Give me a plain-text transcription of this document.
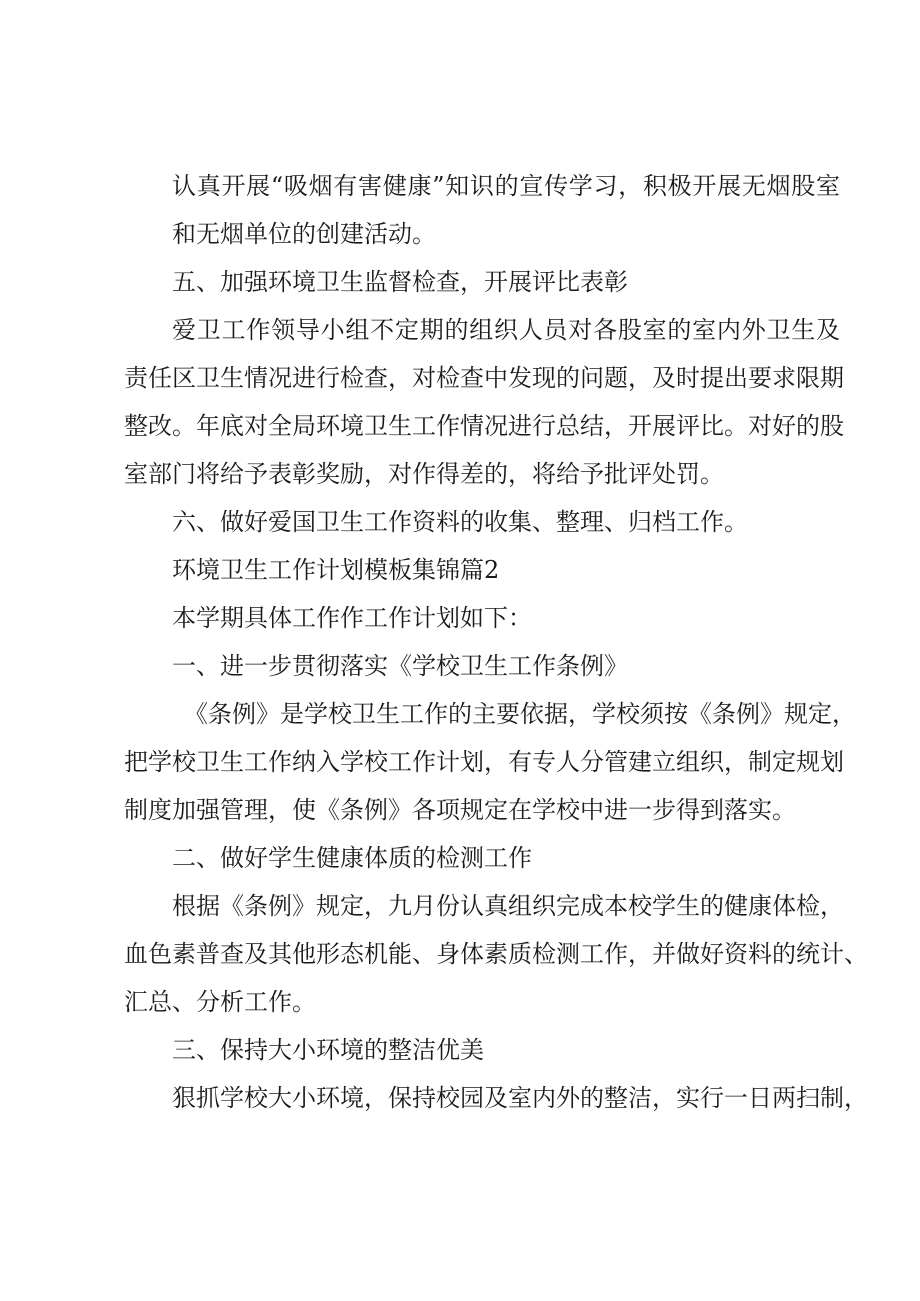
认真开展“吸烟有害健康”知识的宣传学习，积极开展无烟股室
和无烟单位的创建活动。
五、加强环境卫生监督检查，开展评比表彰
爱卫工作领导小组不定期的组织人员对各股室的室内外卫生及
责任区卫生情况进行检查，对检查中发现的问题，及时提出要求限期
整改。年底对全局环境卫生工作情况进行总结，开展评比。对好的股
室部门将给予表彰奖励，对作得差的，将给予批评处罚。
六、做好爱国卫生工作资料的收集、整理、归档工作。
环境卫生工作计划模板集锦篇2
本学期具体工作作工作计划如下：
一、进一步贯彻落实《学校卫生工作条例》
《条例》是学校卫生工作的主要依据，学校须按《条例》规定，
把学校卫生工作纳入学校工作计划，有专人分管建立组织，制定规划
制度加强管理，使《条例》各项规定在学校中进一步得到落实。
二、做好学生健康体质的检测工作
根据《条例》规定，九月份认真组织完成本校学生的健康体检，
血色素普查及其他形态机能、身体素质检测工作，并做好资料的统计、
汇总、分析工作。
三、保持大小环境的整洁优美
狠抓学校大小环境，保持校园及室内外的整洁，实行一日两扫制，
